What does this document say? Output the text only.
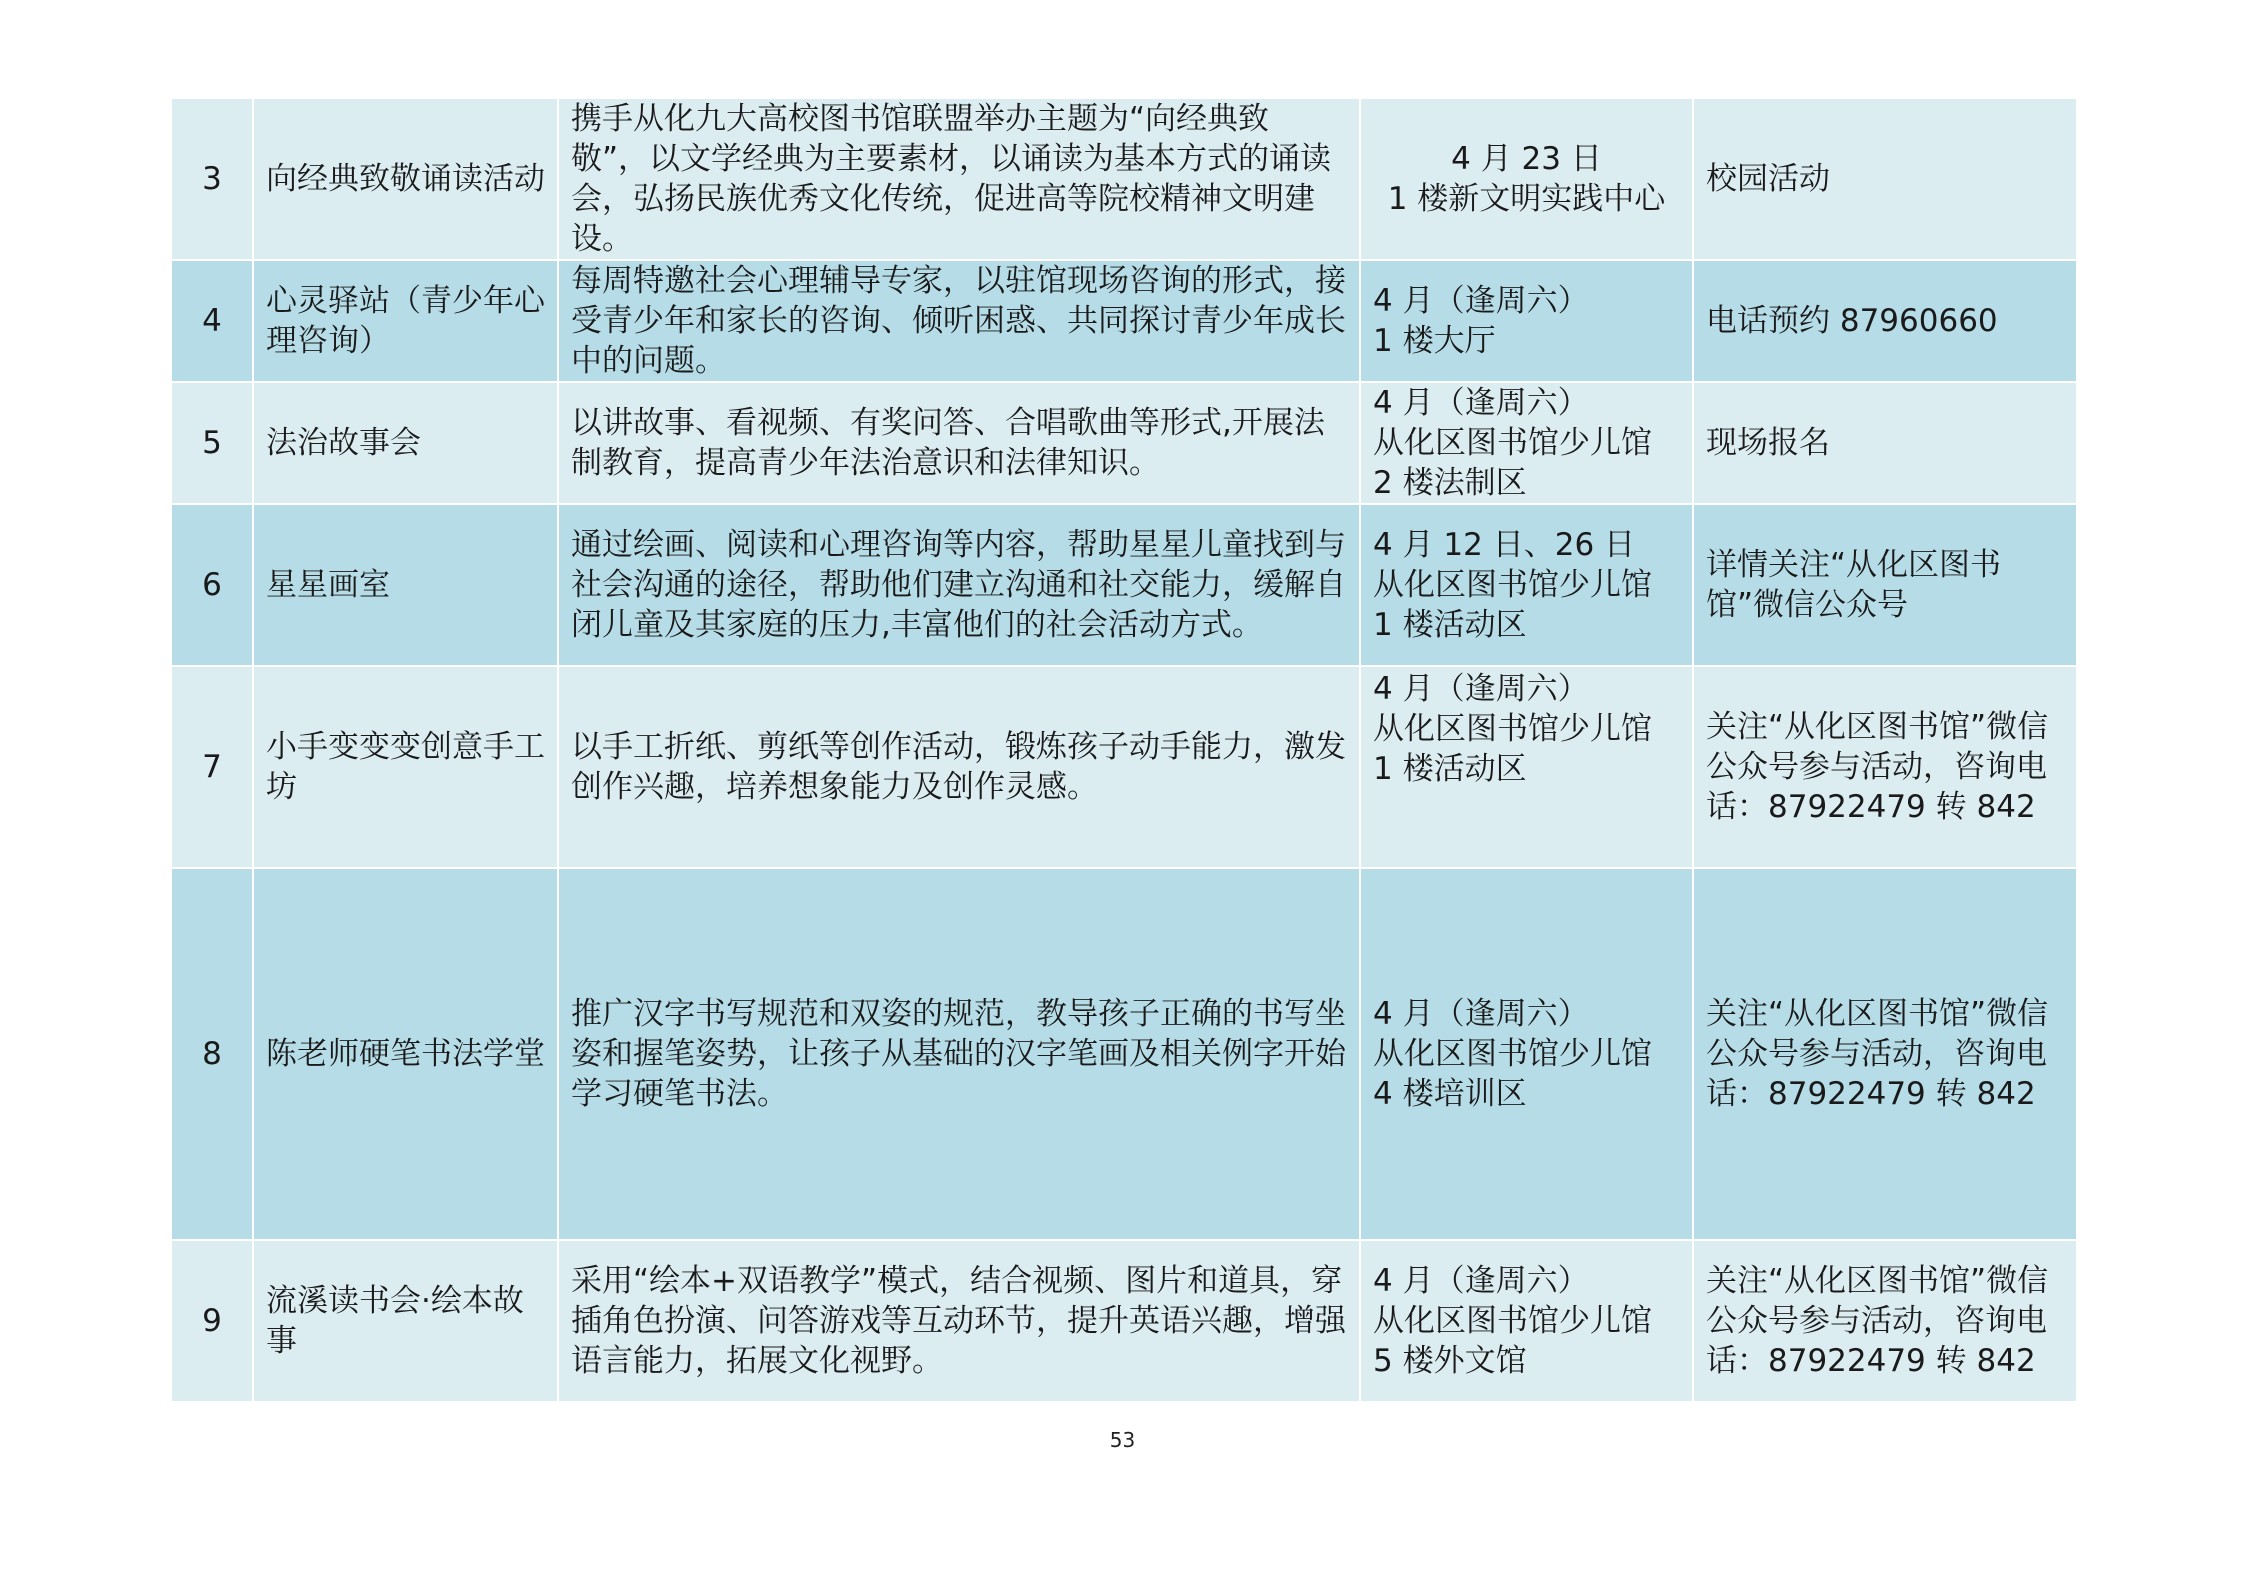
3	向经典致敬诵读活动	携手从化九大高校图书馆联盟举办主题为“向经典致敬”，以文学经典为主要素材，以诵读为基本方式的诵读会，弘扬民族优秀文化传统，促进高等院校精神文明建设。	4 月 23 日
1 楼新文明实践中心	校园活动
4	心灵驿站（青少年心理咨询）	每周特邀社会心理辅导专家，以驻馆现场咨询的形式，接受青少年和家长的咨询、倾听困惑、共同探讨青少年成长中的问题。	4 月（逢周六）
1 楼大厅	电话预约 87960660
5	法治故事会	以讲故事、看视频、有奖问答、合唱歌曲等形式,开展法制教育，提高青少年法治意识和法律知识。	4 月（逢周六）
从化区图书馆少儿馆
2 楼法制区	现场报名
6	星星画室	通过绘画、阅读和心理咨询等内容，帮助星星儿童找到与社会沟通的途径，帮助他们建立沟通和社交能力，缓解自闭儿童及其家庭的压力,丰富他们的社会活动方式。	4 月 12 日、26 日
从化区图书馆少儿馆
1 楼活动区	详情关注“从化区图书馆”微信公众号
7	小手变变变创意手工坊	以手工折纸、剪纸等创作活动，锻炼孩子动手能力，激发创作兴趣，培养想象能力及创作灵感。	4 月（逢周六）
从化区图书馆少儿馆
1 楼活动区	关注“从化区图书馆”微信公众号参与活动，咨询电话：87922479 转 842
8	陈老师硬笔书法学堂	推广汉字书写规范和双姿的规范，教导孩子正确的书写坐姿和握笔姿势，让孩子从基础的汉字笔画及相关例字开始学习硬笔书法。	4 月（逢周六）
从化区图书馆少儿馆
4 楼培训区	关注“从化区图书馆”微信公众号参与活动，咨询电话：87922479 转 842
9	流溪读书会·绘本故事	采用“绘本+双语教学”模式，结合视频、图片和道具，穿插角色扮演、问答游戏等互动环节，提升英语兴趣，增强语言能力，拓展文化视野。	4 月（逢周六）
从化区图书馆少儿馆
5 楼外文馆	关注“从化区图书馆”微信公众号参与活动，咨询电话：87922479 转 842
53
